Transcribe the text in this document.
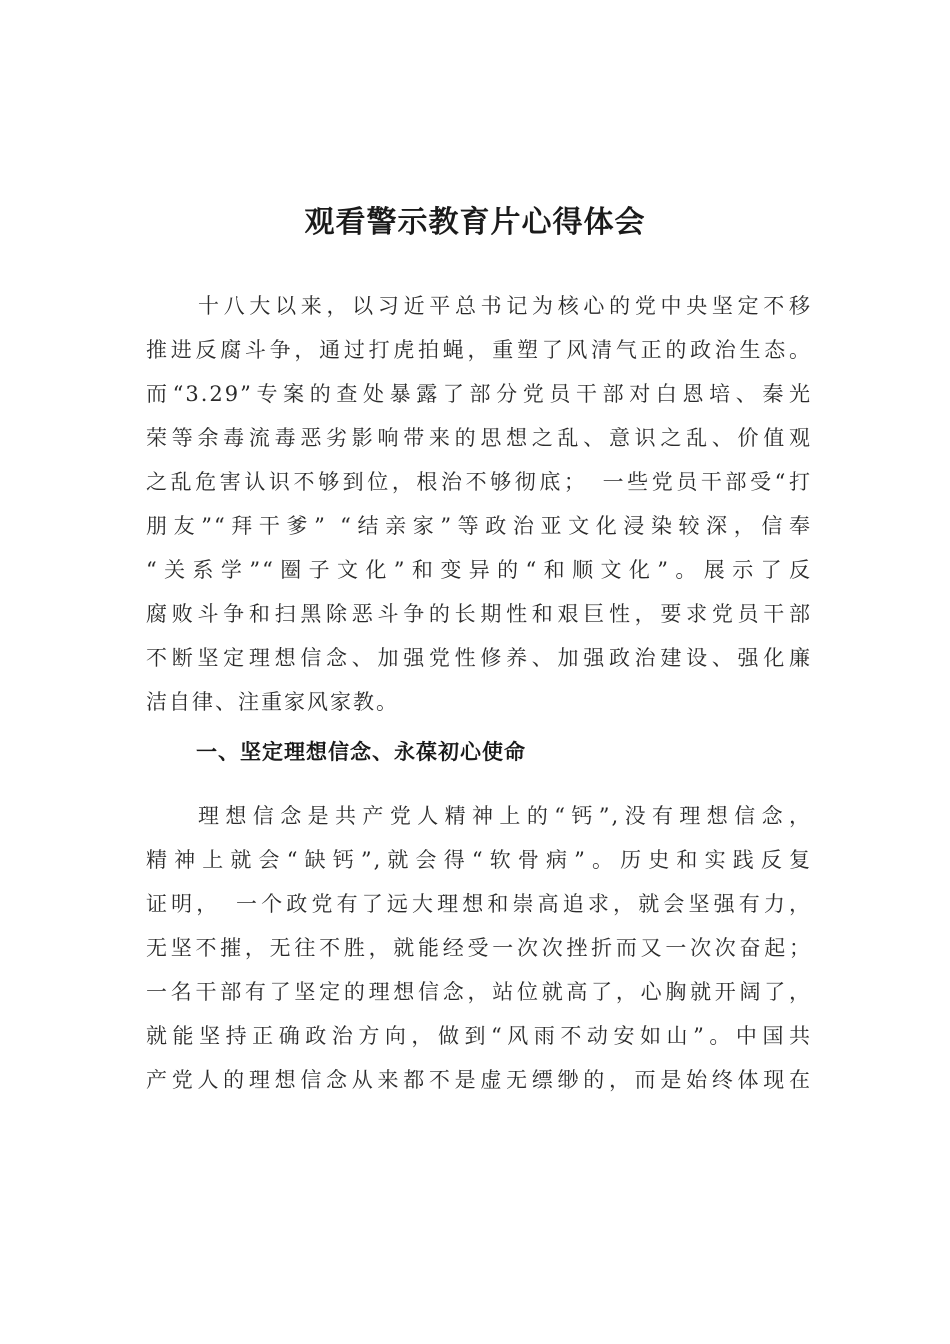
观看警示教育片心得体会
十八大以来，以习近平总书记为核心的党中央坚定不移
推进反腐斗争，通过打虎拍蝇，重塑了风清气正的政治生态。
而“3.29”专案的查处暴露了部分党员干部对白恩培、秦光
荣等余毒流毒恶劣影响带来的思想之乱、意识之乱、价值观
之乱危害认识不够到位，根治不够彻底；　一些党员干部受“打
朋友”“拜干爹” “结亲家”等政治亚文化浸染较深，信奉
“关系学”“圈子文化”和变异的“和顺文化”。展示了反
腐败斗争和扫黑除恶斗争的长期性和艰巨性，要求党员干部
不断坚定理想信念、加强党性修养、加强政治建设、强化廉
洁自律、注重家风家教。
一、坚定理想信念、永葆初心使命
理想信念是共产党人精神上的“钙”,没有理想信念，
精神上就会“缺钙”,就会得“软骨病”。历史和实践反复
证明，　一个政党有了远大理想和崇高追求，就会坚强有力，
无坚不摧，无往不胜，就能经受一次次挫折而又一次次奋起；
一名干部有了坚定的理想信念，站位就高了，心胸就开阔了，
就能坚持正确政治方向，做到“风雨不动安如山”。中国共
产党人的理想信念从来都不是虚无缥缈的，而是始终体现在
